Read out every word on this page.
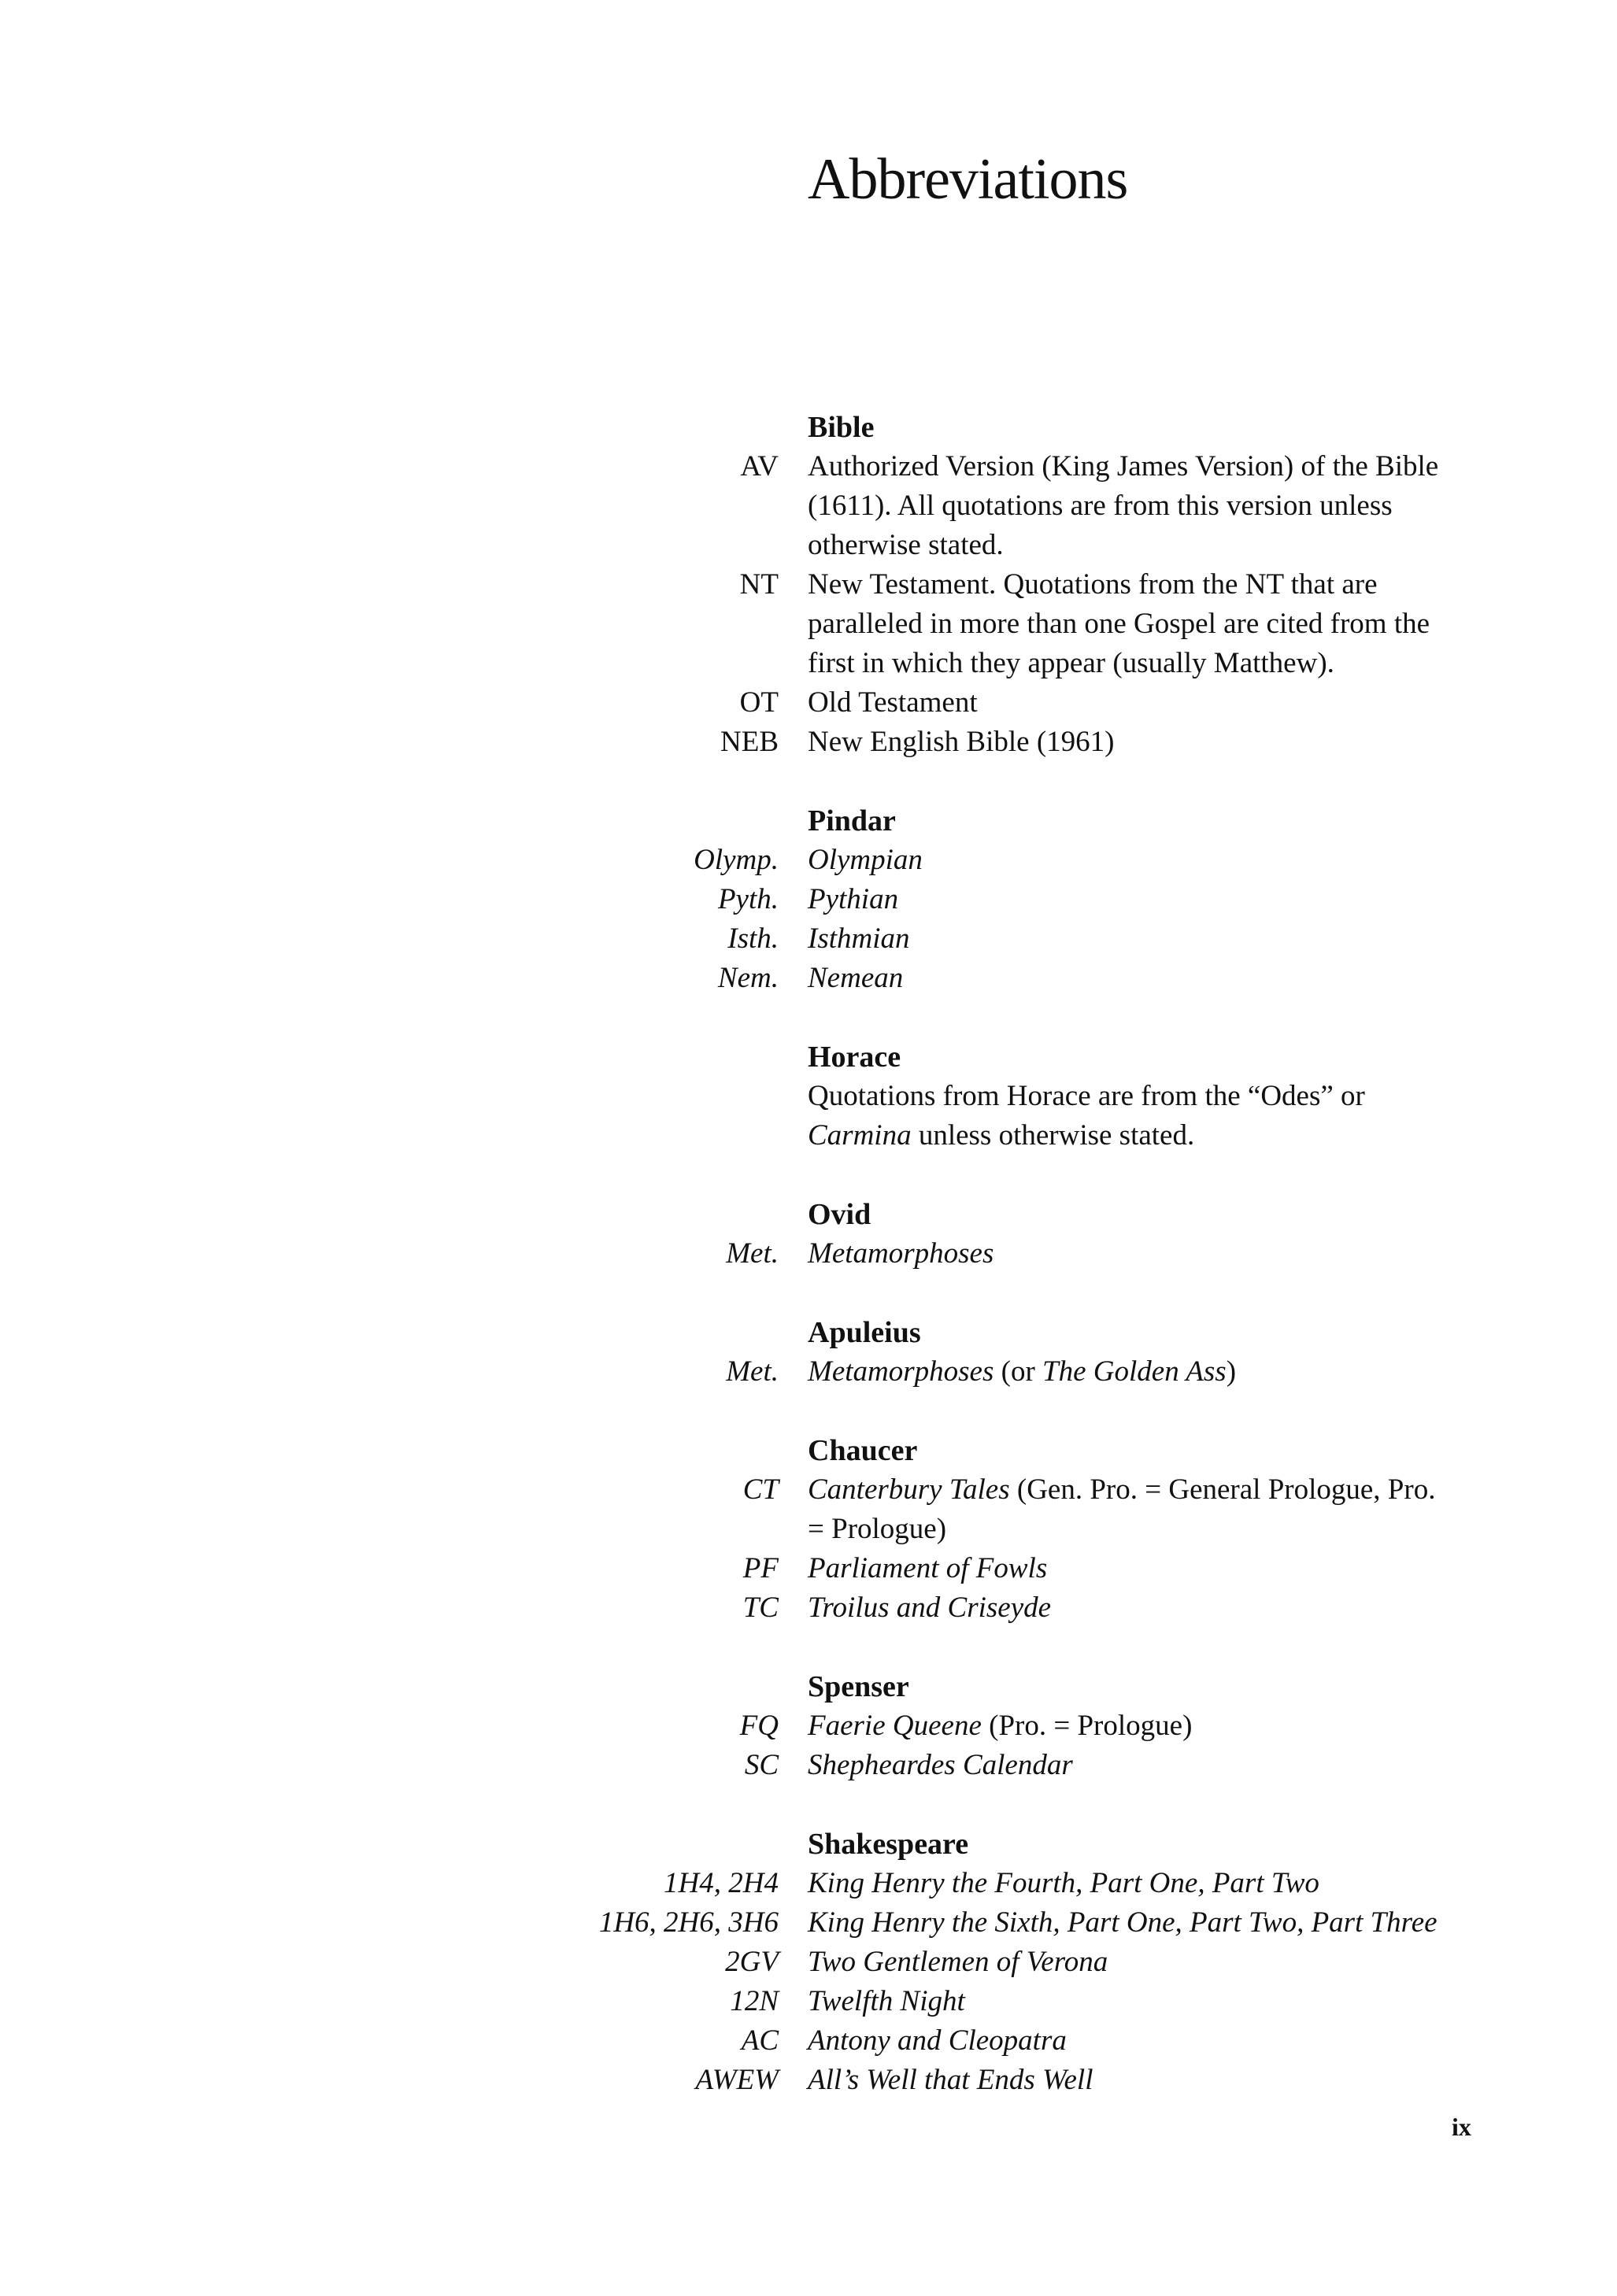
Abbreviations
Bible
AV Authorized Version (King James Version) of the Bible (1611). All quotations are from this version unless otherwise stated.
NT New Testament. Quotations from the NT that are paralleled in more than one Gospel are cited from the first in which they appear (usually Matthew).
OT Old Testament
NEB New English Bible (1961)
Pindar
Olymp. Olympian
Pyth. Pythian
Isth. Isthmian
Nem. Nemean
Horace
Quotations from Horace are from the “Odes” or Carmina unless otherwise stated.
Ovid
Met. Metamorphoses
Apuleius
Met. Metamorphoses (or The Golden Ass)
Chaucer
CT Canterbury Tales (Gen. Pro. = General Prologue, Pro. = Prologue)
PF Parliament of Fowls
TC Troilus and Criseyde
Spenser
FQ Faerie Queene (Pro. = Prologue)
SC Shepheardes Calendar
Shakespeare
1H4, 2H4 King Henry the Fourth, Part One, Part Two
1H6, 2H6, 3H6 King Henry the Sixth, Part One, Part Two, Part Three
2GV Two Gentlemen of Verona
12N Twelfth Night
AC Antony and Cleopatra
AWEW All’s Well that Ends Well
ix
